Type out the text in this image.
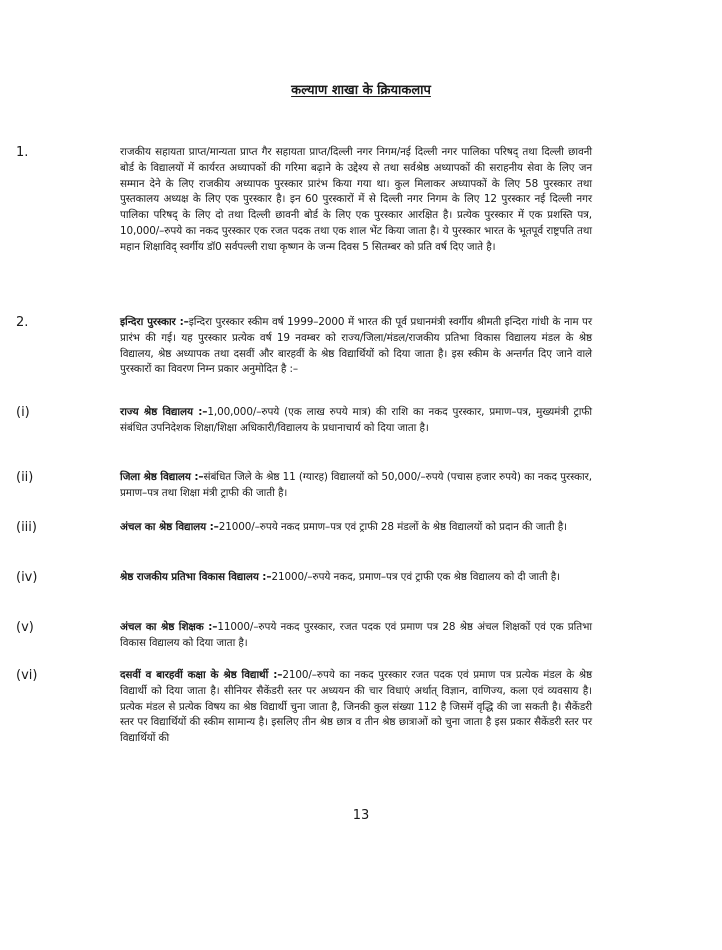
कल्याण शाखा के क्रियाकलाप
1.	राजकीय सहायता प्राप्त/मान्यता प्राप्त गैर सहायता प्राप्त/दिल्ली नगर निगम/नई दिल्ली नगर पालिका परिषद् तथा दिल्ली छावनी बोर्ड के विद्यालयों में कार्यरत अध्यापकों की गरिमा बढ़ाने के उद्देश्य से तथा सर्वश्रेष्ठ अध्यापकों की सराहनीय सेवा के लिए जन सम्मान देने के लिए राजकीय अध्यापक पुरस्कार प्रारंभ किया गया था। कुल मिलाकर अध्यापकों के लिए 58 पुरस्कार तथा पुस्तकालय अध्यक्ष के लिए एक पुरस्कार है। इन 60 पुरस्कारों में से दिल्ली नगर निगम के लिए 12 पुरस्कार नई दिल्ली नगर पालिका परिषद् के लिए दो तथा दिल्ली छावनी बोर्ड के लिए एक पुरस्कार आरक्षित है। प्रत्येक पुरस्कार में एक प्रशस्ति पत्र, 10,000/–रुपये का नकद पुरस्कार एक रजत पदक तथा एक शाल भेंट किया जाता है। ये पुरस्कार भारत के भूतपूर्व राष्ट्रपति तथा महान शिक्षाविद् स्वर्गीय डॉ0 सर्वपल्ली राधा कृष्णन के जन्म दिवस 5 सितम्बर को प्रति वर्ष दिए जाते है।

2.	इन्दिरा पुरस्कार :–इन्दिरा पुरस्कार स्कीम वर्ष 1999–2000 में भारत की पूर्व प्रधानमंत्री स्वर्गीय श्रीमती इन्दिरा गांधी के नाम पर प्रारंभ की गई। यह पुरस्कार प्रत्येक वर्ष 19 नवम्बर को राज्य/जिला/मंडल/राजकीय प्रतिभा विकास विद्यालय मंडल के श्रेष्ठ विद्यालय, श्रेष्ठ अध्यापक तथा दसवीं और बारहवीं के श्रेष्ठ विद्यार्थियों को दिया जाता है। इस स्कीम के अन्तर्गत दिए जाने वाले पुरस्कारों का विवरण निम्न प्रकार अनुमोदित है :–

(i)	राज्य श्रेष्ठ विद्यालय :–1,00,000/–रुपये (एक लाख रुपये मात्र) की राशि का नकद पुरस्कार, प्रमाण–पत्र, मुख्यमंत्री ट्राफी संबंधित उपनिदेशक शिक्षा/शिक्षा अधिकारी/विद्यालय के प्रधानाचार्य को दिया जाता है।

(ii)	जिला श्रेष्ठ विद्यालय :–संबंधित जिले के श्रेष्ठ 11 (ग्यारह) विद्यालयों को 50,000/–रुपये (पचास हजार रुपये) का नकद पुरस्कार, प्रमाण–पत्र तथा शिक्षा मंत्री ट्राफी की जाती है।

(iii)	अंचल का श्रेष्ठ विद्यालय :–21000/–रुपये नकद प्रमाण–पत्र एवं ट्राफी 28 मंडलों के श्रेष्ठ विद्यालयों को प्रदान की जाती है।

(iv)	श्रेष्ठ राजकीय प्रतिभा विकास विद्यालय :–21000/–रुपये नकद, प्रमाण–पत्र एवं ट्राफी एक श्रेष्ठ विद्यालय को दी जाती है।

(v)	अंचल का श्रेष्ठ शिक्षक :–11000/–रुपये नकद पुरस्कार, रजत पदक एवं प्रमाण पत्र 28 श्रेष्ठ अंचल शिक्षकों एवं एक प्रतिभा विकास विद्यालय को दिया जाता है।

(vi)	दसवीं व बारहवीं कक्षा के श्रेष्ठ विद्यार्थी :–2100/–रुपये का नकद पुरस्कार रजत पदक एवं प्रमाण पत्र प्रत्येक मंडल के श्रेष्ठ विद्यार्थी को दिया जाता है। सीनियर सैकेंडरी स्तर पर अध्ययन की चार विधाएं अर्थात् विज्ञान, वाणिज्य, कला एवं व्यवसाय है। प्रत्येक मंडल से प्रत्येक विषय का श्रेष्ठ विद्यार्थी चुना जाता है, जिनकी कुल संख्या 112 है जिसमें वृद्धि की जा सकती है। सैकेंडरी स्तर पर विद्यार्थियों की स्कीम सामान्य है। इसलिए तीन श्रेष्ठ छात्र व तीन श्रेष्ठ छात्राओं को चुना जाता है इस प्रकार सैकेंडरी स्तर पर विद्यार्थियों की

13
